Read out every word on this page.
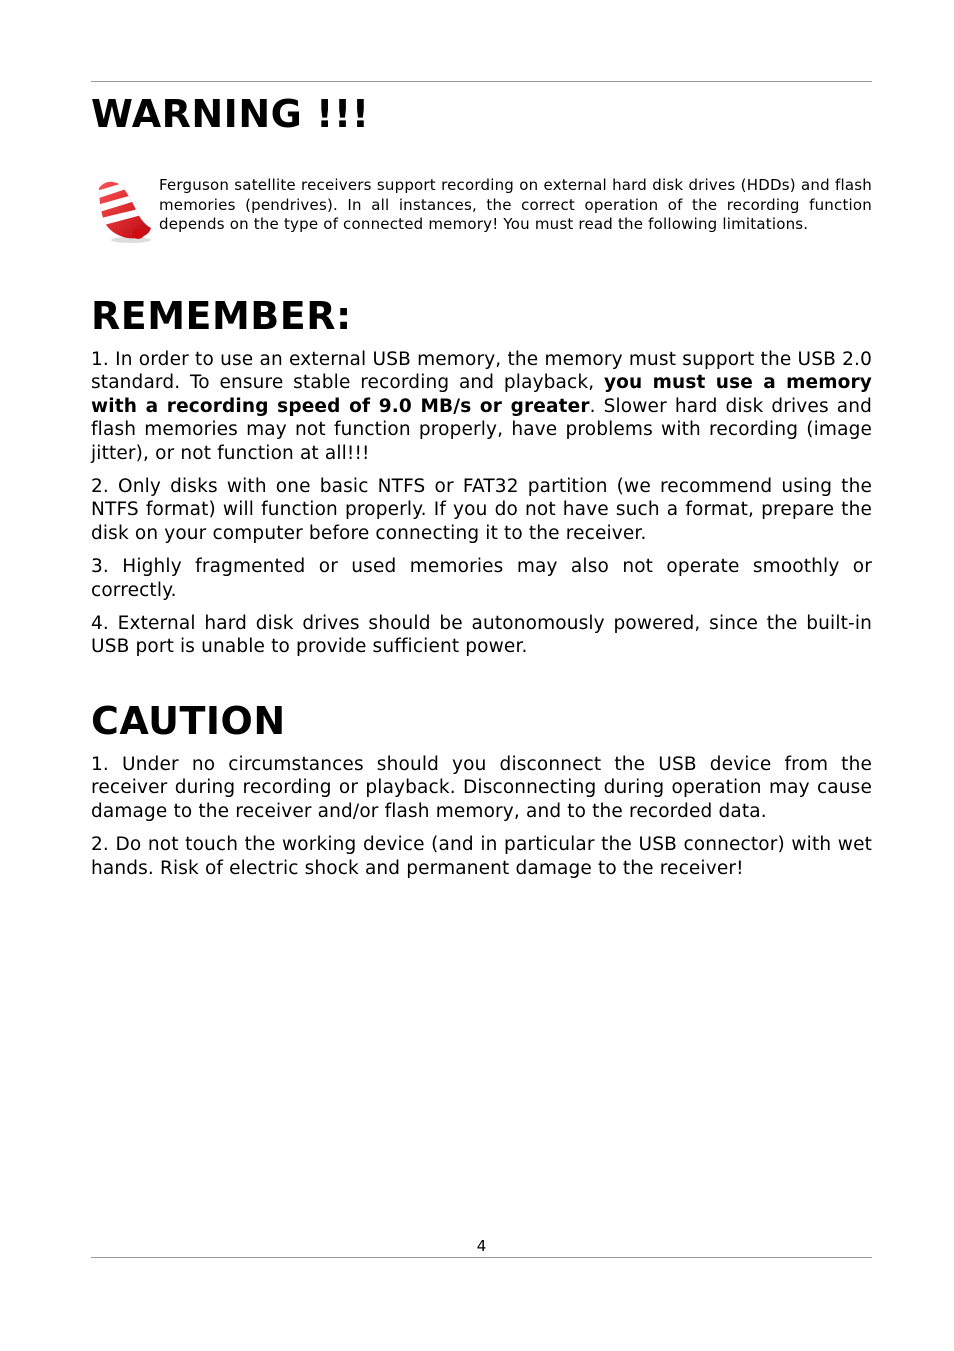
WARNING !!!

Ferguson satellite receivers support recording on external hard disk drives (HDDs) and flash memories (pendrives). In all instances, the correct operation of the recording function depends on the type of connected memory! You must read the following limitations.

REMEMBER:

1. In order to use an external USB memory, the memory must support the USB 2.0 standard. To ensure stable recording and playback, you must use a memory with a recording speed of 9.0 MB/s or greater. Slower hard disk drives and flash memories may not function properly, have problems with recording (image jitter), or not function at all!!!

2. Only disks with one basic NTFS or FAT32 partition (we recommend using the NTFS format) will function properly. If you do not have such a format, prepare the disk on your computer before connecting it to the receiver.

3. Highly fragmented or used memories may also not operate smoothly or correctly.

4. External hard disk drives should be autonomously powered, since the built-in USB port is unable to provide sufficient power.

CAUTION

1. Under no circumstances should you disconnect the USB device from the receiver during recording or playback. Disconnecting during operation may cause damage to the receiver and/or flash memory, and to the recorded data.

2. Do not touch the working device (and in particular the USB connector) with wet hands. Risk of electric shock and permanent damage to the receiver!

4
